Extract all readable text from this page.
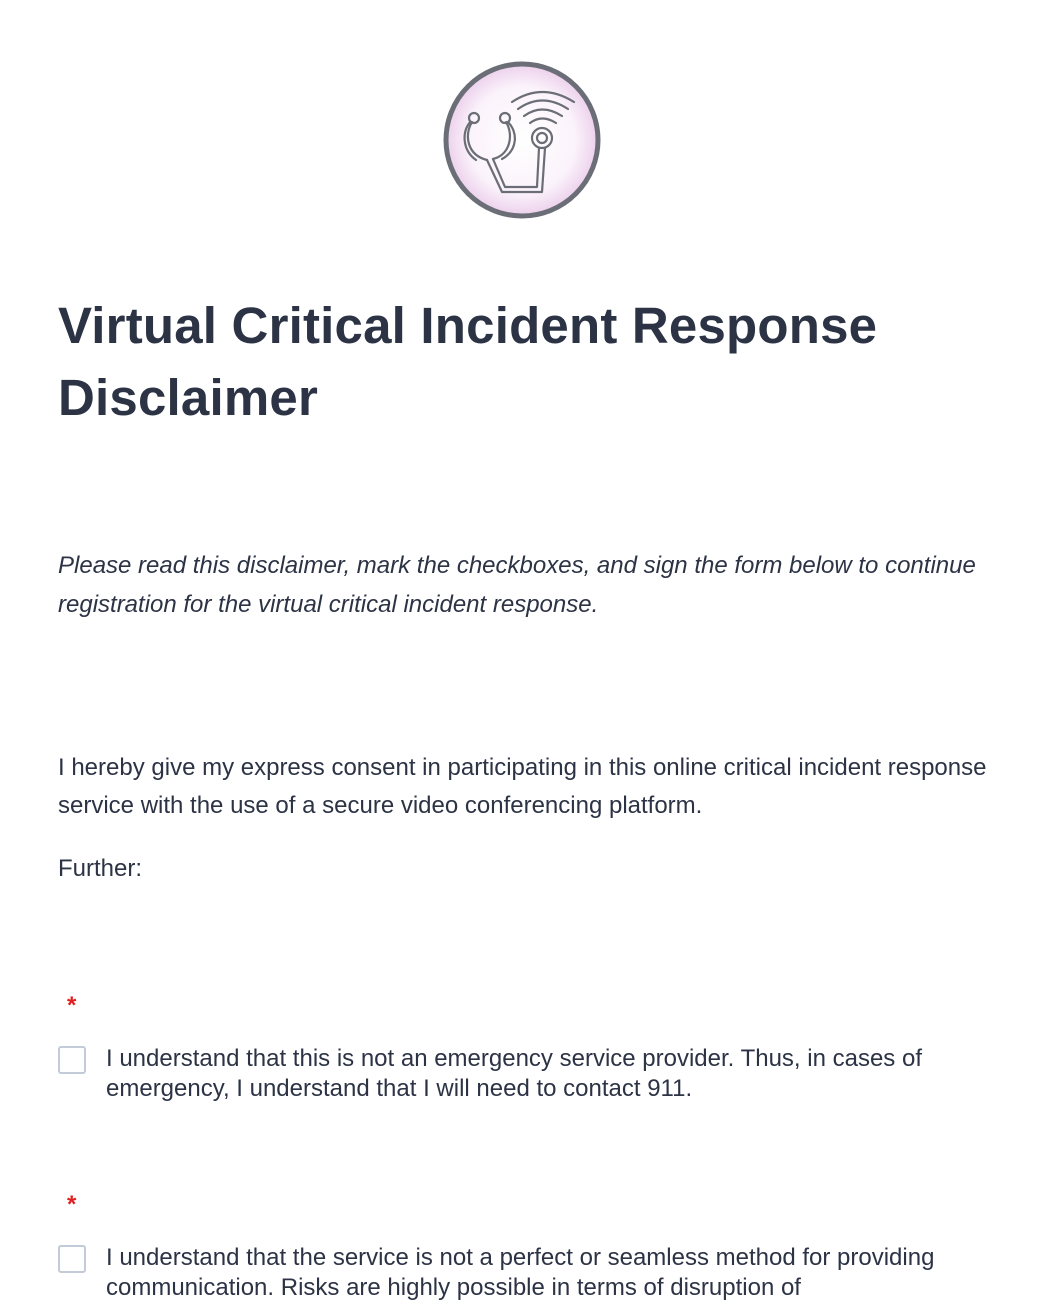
Virtual Critical Incident Response Disclaimer

Please read this disclaimer, mark the checkboxes, and sign the form below to continue registration for the virtual critical incident response.

I hereby give my express consent in participating in this online critical incident response service with the use of a secure video conferencing platform.

Further:

*
I understand that this is not an emergency service provider. Thus, in cases of emergency, I understand that I will need to contact 911.
*
I understand that the service is not a perfect or seamless method for providing communication. Risks are highly possible in terms of disruption of
